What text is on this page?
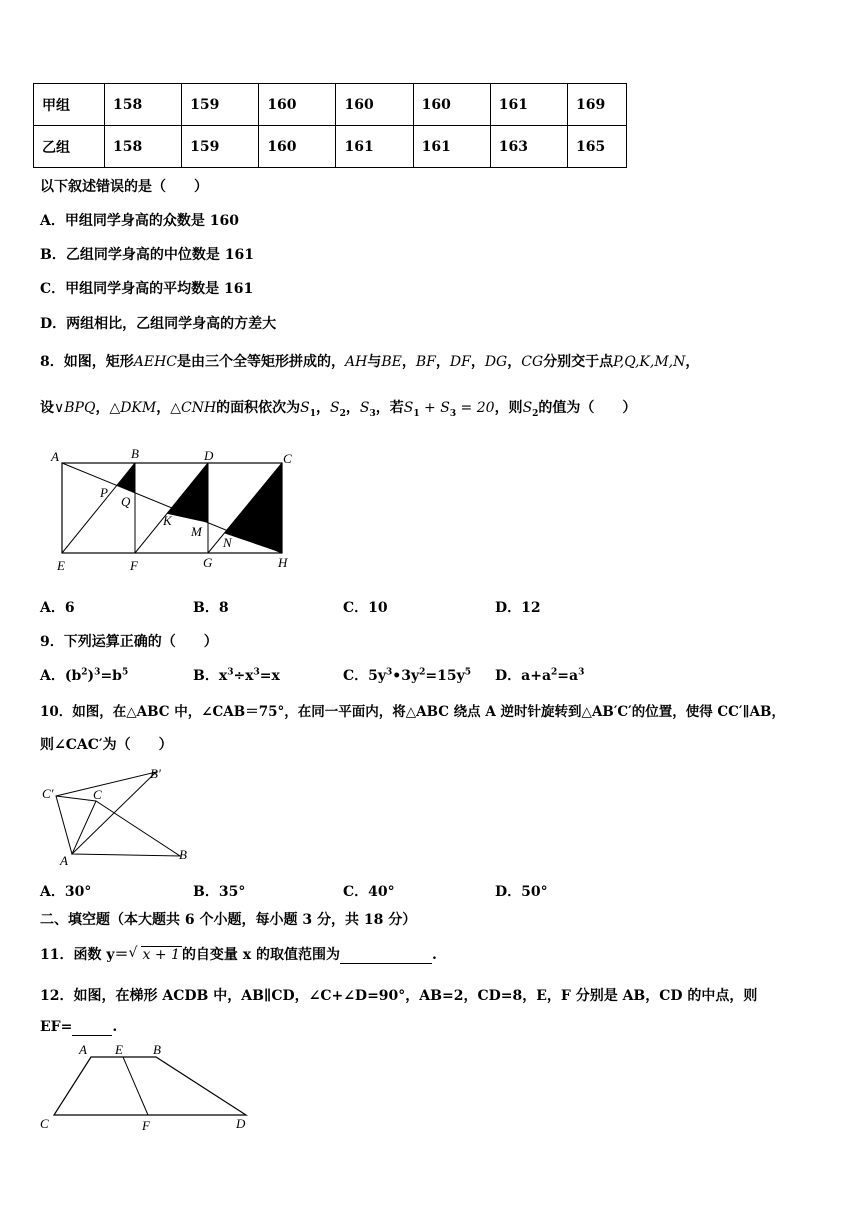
甲组	158	159	160	160	160	161	169
乙组	158	159	160	161	161	163	165
以下叙述错误的是（　　）
A．甲组同学身高的众数是 160
B．乙组同学身高的中位数是 161
C．甲组同学身高的平均数是 161
D．两组相比，乙组同学身高的方差大
8．如图，矩形AEHC是由三个全等矩形拼成的，AH与BE，BF，DF，DG，CG分别交于点P,Q,K,M,N，
设∨BPQ，△DKM，△CNH的面积依次为$S_1$，$S_2$，$S_3$，若$S_1 + S_3 = 20$，则$S_2$的值为（　　）
A	B	D	C
P
Q
K
M
N
E	F	G	H
A．6	B．8	C．10	D．12
9．下列运算正确的（　　）
A．$(b^2)^3=b^5$	B．$x^3\div x^3=x$	C．$5y^3•3y^2=15y^5$ D．$a+a^2=a^3$
10．如图，在△ABC 中，∠CAB＝75°，在同一平面内，将△ABC 绕点 A 逆时针旋转到△AB′C′的位置，使得 CC′∥AB，
则∠CAC′为（　　）
C′	C
B′
A	B
A．30°	B．35°	C．40°	D．50°
二、填空题（本大题共 6 个小题，每小题 3 分，共 18 分）
11．函数 y＝ √ x + 1 的自变量 x 的取值范围为	.
12．如图，在梯形 ACDB 中，AB∥CD，∠C+∠D=90°，AB=2，CD=8，E，F 分别是 AB，CD 的中点，则
EF=	.
A E B
C	F	D
